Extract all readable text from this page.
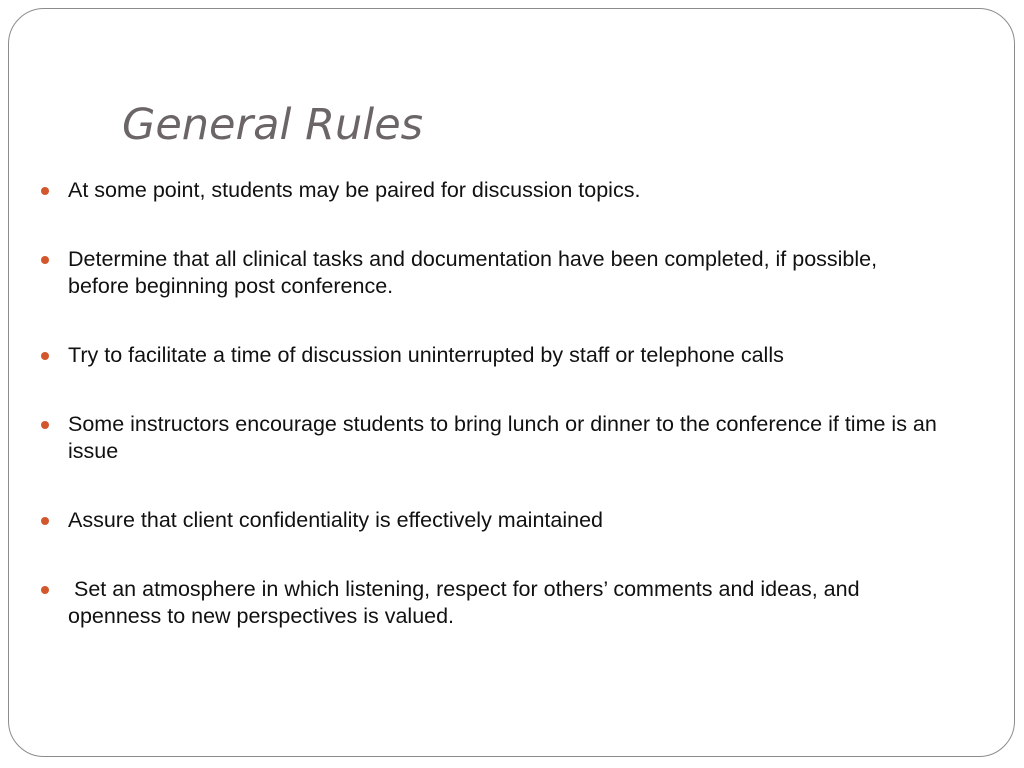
General Rules
At some point, students may be paired for discussion topics.
Determine that all clinical tasks and documentation have been completed, if possible, before beginning post conference.
Try to facilitate a time of discussion uninterrupted by staff or telephone calls
Some instructors encourage students to bring lunch or dinner to the conference if time is an issue
Assure that client confidentiality is effectively maintained
Set an atmosphere in which listening, respect for others’ comments and ideas, and openness to new perspectives is valued.
